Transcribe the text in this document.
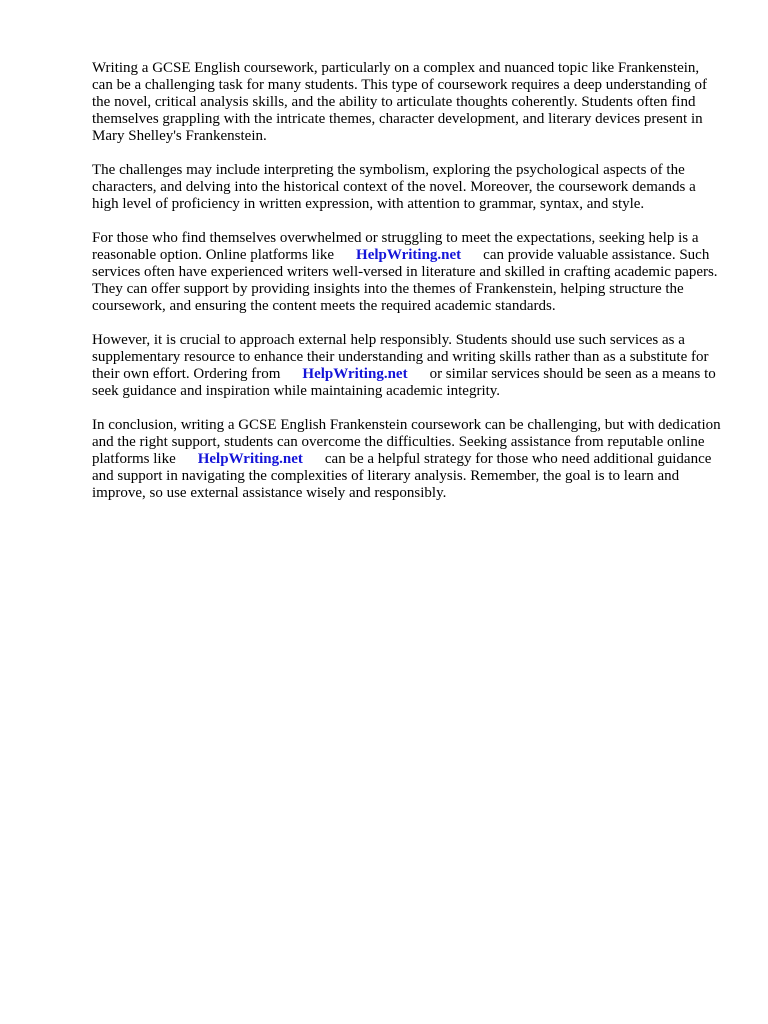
Writing a GCSE English coursework, particularly on a complex and nuanced topic like Frankenstein, can be a challenging task for many students. This type of coursework requires a deep understanding of the novel, critical analysis skills, and the ability to articulate thoughts coherently. Students often find themselves grappling with the intricate themes, character development, and literary devices present in Mary Shelley's Frankenstein.

The challenges may include interpreting the symbolism, exploring the psychological aspects of the characters, and delving into the historical context of the novel. Moreover, the coursework demands a high level of proficiency in written expression, with attention to grammar, syntax, and style.

For those who find themselves overwhelmed or struggling to meet the expectations, seeking help is a reasonable option. Online platforms like HelpWriting.net can provide valuable assistance. Such services often have experienced writers well-versed in literature and skilled in crafting academic papers. They can offer support by providing insights into the themes of Frankenstein, helping structure the coursework, and ensuring the content meets the required academic standards.

However, it is crucial to approach external help responsibly. Students should use such services as a supplementary resource to enhance their understanding and writing skills rather than as a substitute for their own effort. Ordering from HelpWriting.net or similar services should be seen as a means to seek guidance and inspiration while maintaining academic integrity.

In conclusion, writing a GCSE English Frankenstein coursework can be challenging, but with dedication and the right support, students can overcome the difficulties. Seeking assistance from reputable online platforms like HelpWriting.net can be a helpful strategy for those who need additional guidance and support in navigating the complexities of literary analysis. Remember, the goal is to learn and improve, so use external assistance wisely and responsibly.
